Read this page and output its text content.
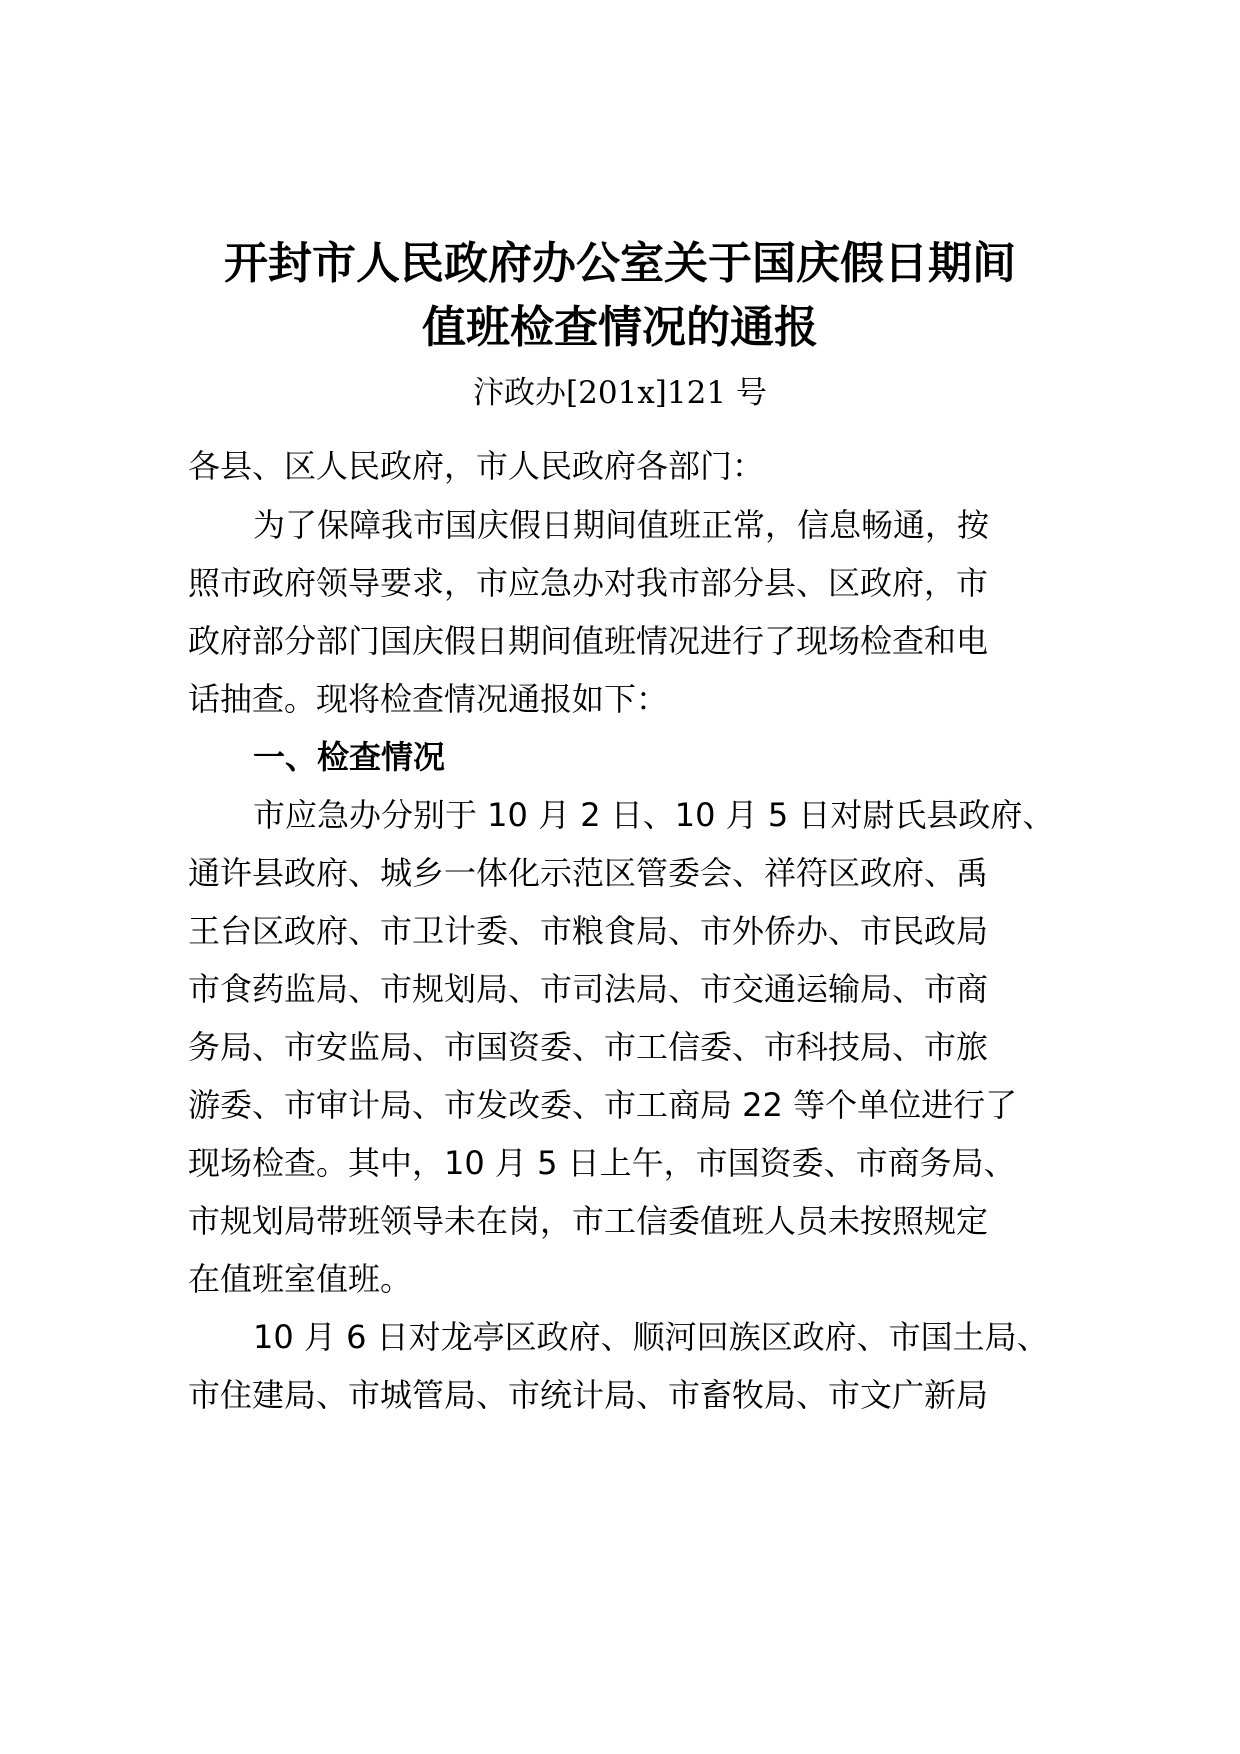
开封市人民政府办公室关于国庆假日期间
值班检查情况的通报
汴政办[201x]121 号
各县、区人民政府，市人民政府各部门：
为了保障我市国庆假日期间值班正常，信息畅通，按
照市政府领导要求，市应急办对我市部分县、区政府，市
政府部分部门国庆假日期间值班情况进行了现场检查和电
话抽查。现将检查情况通报如下：
一、检查情况
市应急办分别于 10 月 2 日、10 月 5 日对尉氏县政府、
通许县政府、城乡一体化示范区管委会、祥符区政府、禹
王台区政府、市卫计委、市粮食局、市外侨办、市民政局
市食药监局、市规划局、市司法局、市交通运输局、市商
务局、市安监局、市国资委、市工信委、市科技局、市旅
游委、市审计局、市发改委、市工商局 22 等个单位进行了
现场检查。其中，10 月 5 日上午，市国资委、市商务局、
市规划局带班领导未在岗，市工信委值班人员未按照规定
在值班室值班。
10 月 6 日对龙亭区政府、顺河回族区政府、市国土局、
市住建局、市城管局、市统计局、市畜牧局、市文广新局
